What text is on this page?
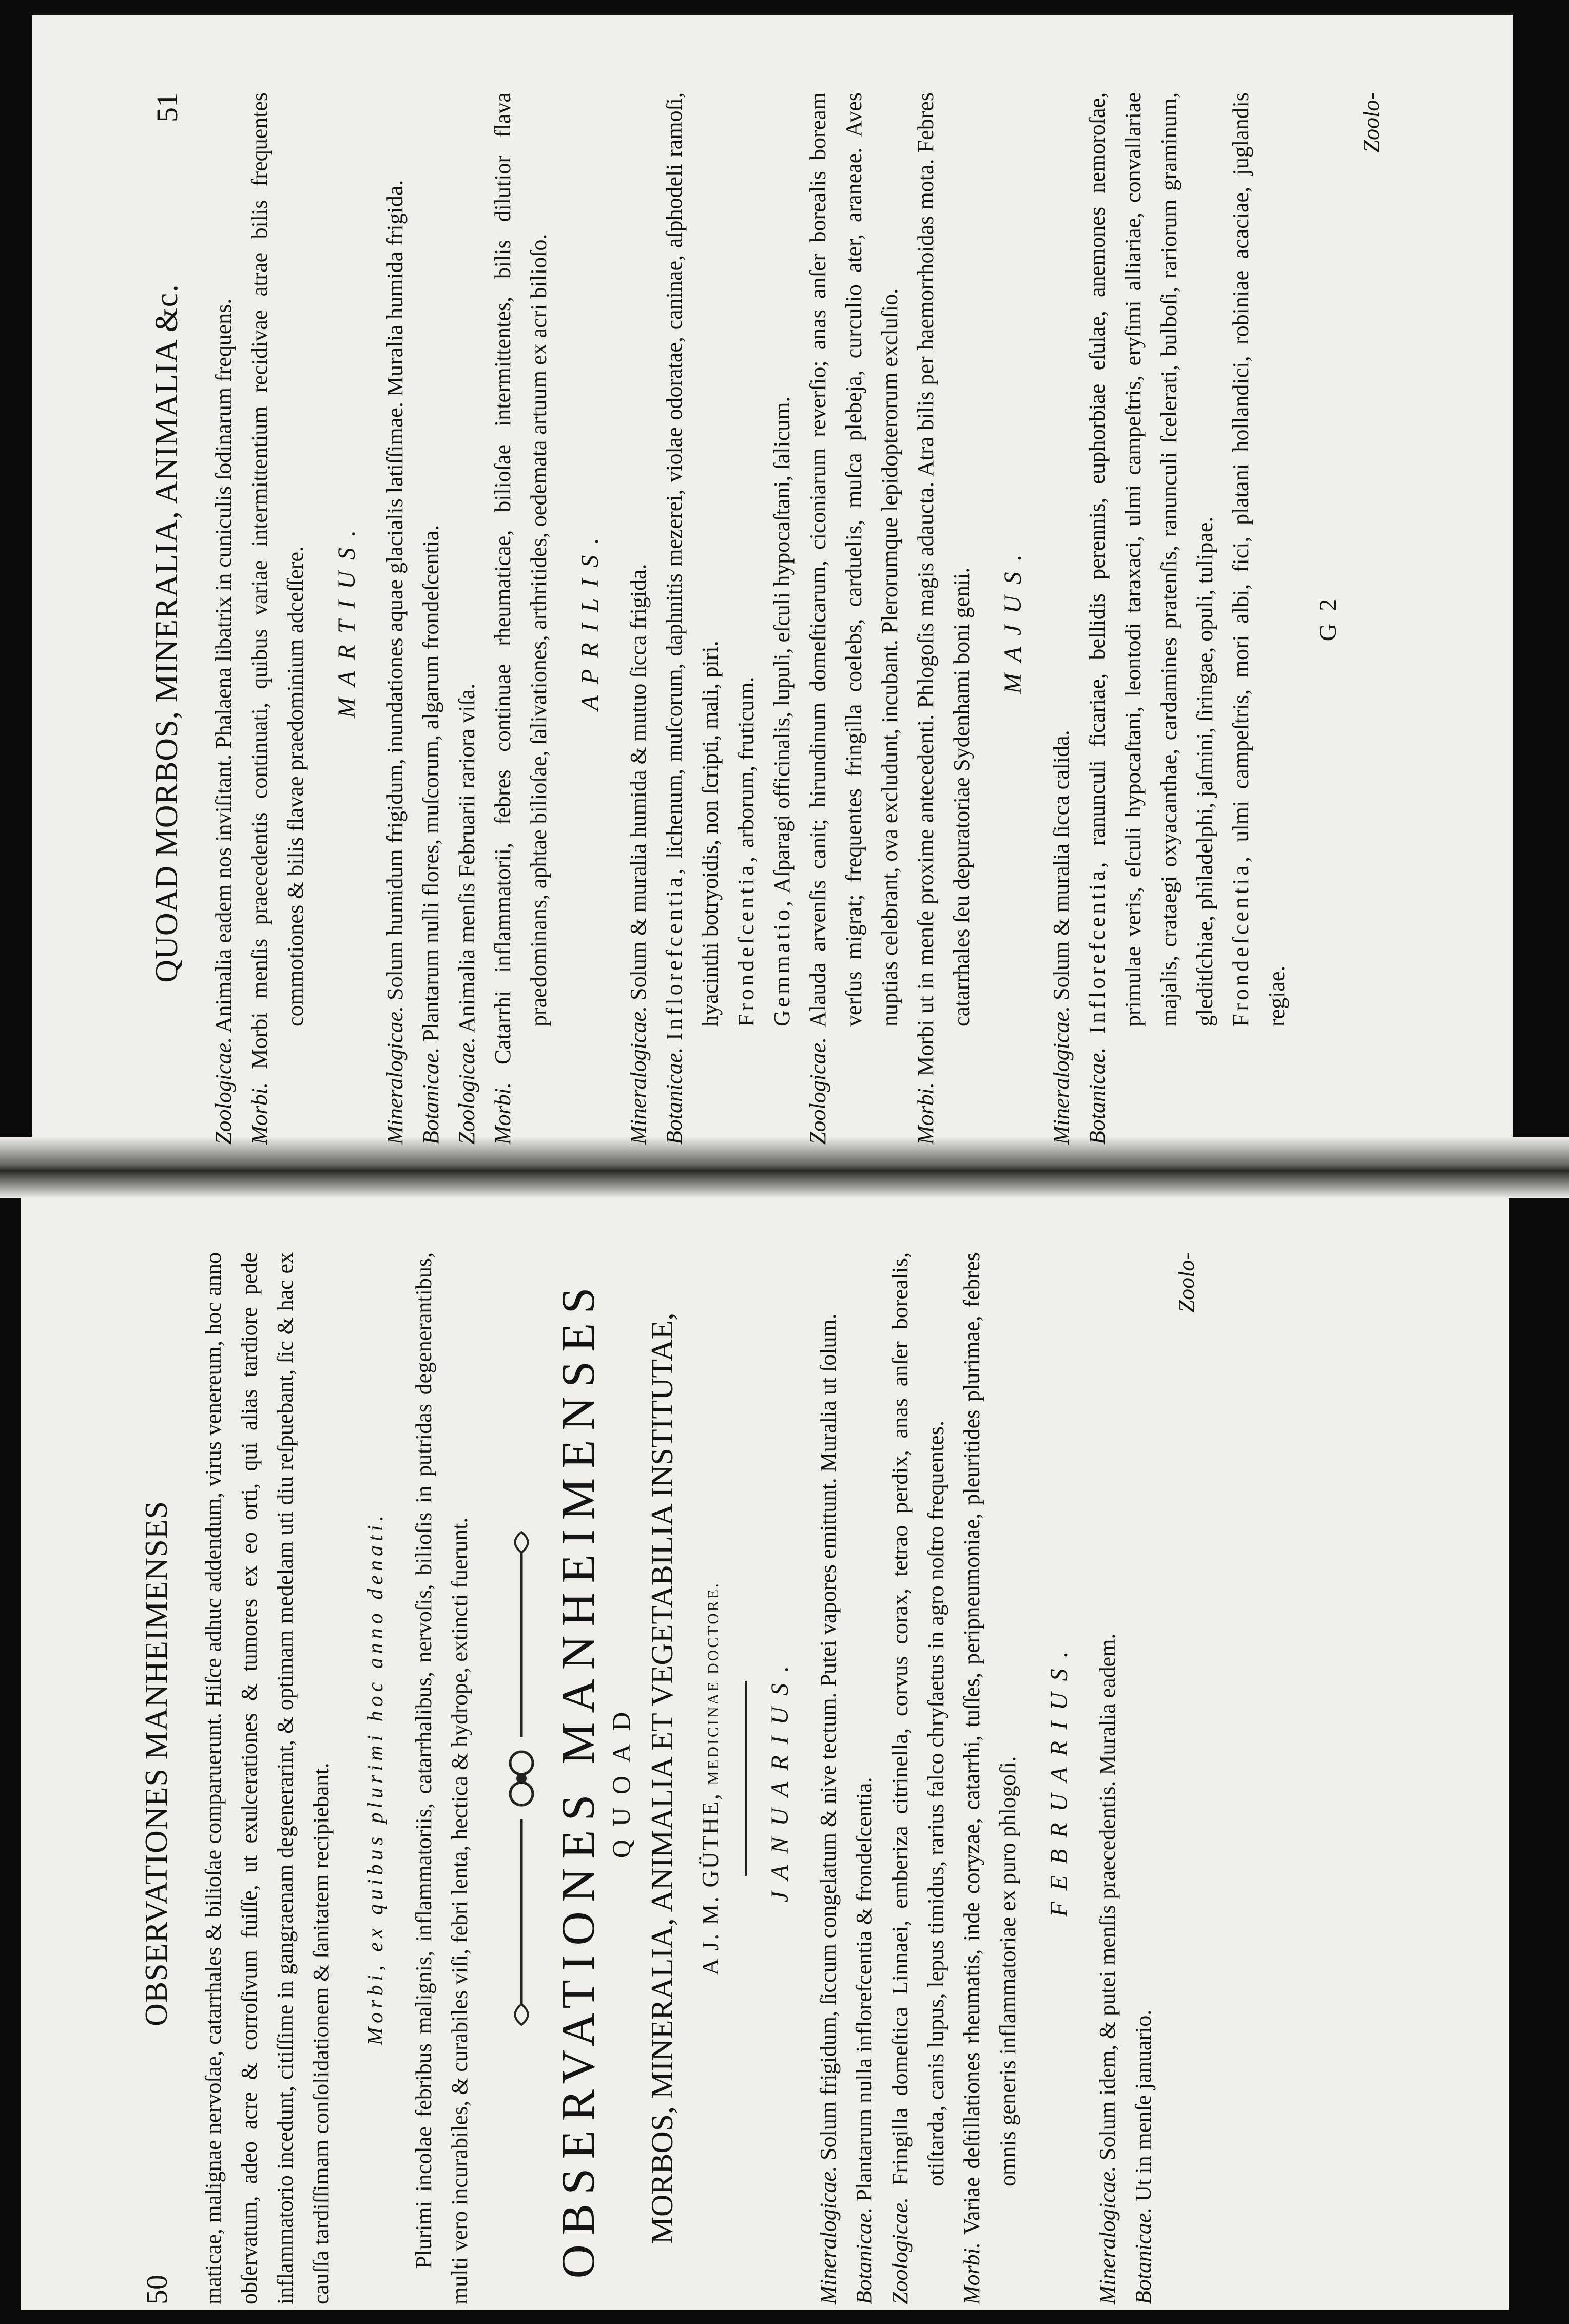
QUOAD MORBOS, MINERALIA, ANIMALIA &c.
51

Zoologicae. Animalia eadem nos inviſitant. Phalaena libatrix in cuniculis ſodinarum frequens.

Morbi. Morbi menſis praecedentis continuati, quibus variae intermittentium recidivae atrae bilis frequentes commotiones & bilis flavae praedominium adceſſere. MARTIUS.

Mineralogicae. Solum humidum frigidum, inundationes aquae glacialis latiſſimae. Muralia humida frigida.

Botanicae. Plantarum nulli flores, muſcorum, algarum frondeſcentia.

Zoologicae. Animalia menſis Februarii rariora viſa.

Morbi. Catarrhi inflammatorii, febres continuae rheumaticae, bilioſae intermittentes, bilis dilutior flava praedominans, aphtae bilioſae, ſalivationes, arthritides, oedemata artuum ex acri bilioſo. APRILIS.

Mineralogicae. Solum & muralia humida & mutuo ſicca frigida.

Botanicae. Inflorefcentia, lichenum, muſcorum, daphnitis mezerei, violae odoratae, caninae, aſphodeli ramoſi, hyacinthi botryoidis, non ſcripti, mali, piri. Frondeſcentia, arborum, fruticum.

Gemmatio, Aſparagi officinalis, lupuli, eſculi hypocaſtani, ſalicum.

Zoologicae. Alauda arvenſis canit; hirundinum domeſticarum, ciconiarum reverſio; anas anſer borealis boream verſus migrat; frequentes fringilla coelebs, carduelis, muſca plebeja, curculio ater, araneae. Aves nuptias celebrant, ova excludunt, incubant. Plerorumque lepidopterorum excluſio.

Morbi. Morbi ut in menſe proxime antecedenti. Phlogoſis magis adaucta. Atra bilis per haemorrhoidas mota. Febres catarrhales ſeu depuratoriae Sydenhami boni genii. MAJUS.

Mineralogicae. Solum & muralia ſicca calida.

Botanicae. Inflorefcentia, ranunculi ficariae, bellidis perennis, euphorbiae eſulae, anemones nemoroſae, primulae veris, eſculi hypocaſtani, leontodi taraxaci, ulmi campeſtris, eryſimi alliariae, convallariae majalis, crataegi oxyacanthae, cardamines pratenſis, ranunculi ſcelerati, bulboſi, rariorum graminum, gleditſchiae, philadelphi, jaſmini, ſiringae, opuli, tulipae. Frondeſcentia, ulmi campeſtris, mori albi, fici, platani hollandici, robiniae acaciae, juglandis regiae.

G 2
Zoolo-
50
OBSERVATIONES MANHEIMENSES maticae, malignae nervoſae, catarrhales & bilioſae comparuerunt. Hiſce adhuc addendum, virus venereum, hoc anno obſervatum, adeo acre & corroſivum fuiſſe, ut exulcerationes & tumores ex eo orti, qui alias tardiore pede inflammatorio incedunt, citiſſime in gangraenam degenerarint, & optimam medelam uti diu reſpuebant, ſic & hac ex cauſſa tardiſſimam conſolidationem & ſanitatem recipiebant. Morbi, ex quibus plurimi hoc anno denati. Plurimi incolae febribus malignis, inflammatoriis, catarrhalibus, nervoſis, bilioſis in putridas degenerantibus, multi vero incurabiles, & curabiles viſi, febri lenta, hectica & hydrope, extincti fuerunt. OBSERVATIONES MANHEIMENSES QUOAD MORBOS, MINERALIA, ANIMALIA ET VEGETABILIA INSTITUTAE, A J. M. GÜTHE, MEDICINAE DOCTORE.	JANUARIUS.

Mineralogicae. Solum frigidum, ſiccum congelatum & nive tectum. Putei vapores emittunt. Muralia ut ſolum.

Botanicae. Plantarum nulla inflorefcentia & frondeſcentia.

Zoologicae. Fringilla domeſtica Linnaei, emberiza citrinella, corvus corax, tetrao perdix, anas anſer borealis, otiſtarda, canis lupus, lepus timidus, rarius falco chryſaetus in agro noſtro frequentes.

Morbi. Variae deſtillationes rheumatis, inde coryzae, catarrhi, tuſſes, peripneumoniae, pleuritides plurimae, febres omnis generis inflammatoriae ex puro phlogoſi. FEBRUARIUS.

Mineralogicae. Solum idem, & putei menſis praecedentis. Muralia eadem.

Botanicae. Ut in menſe januario.

Zoolo-
